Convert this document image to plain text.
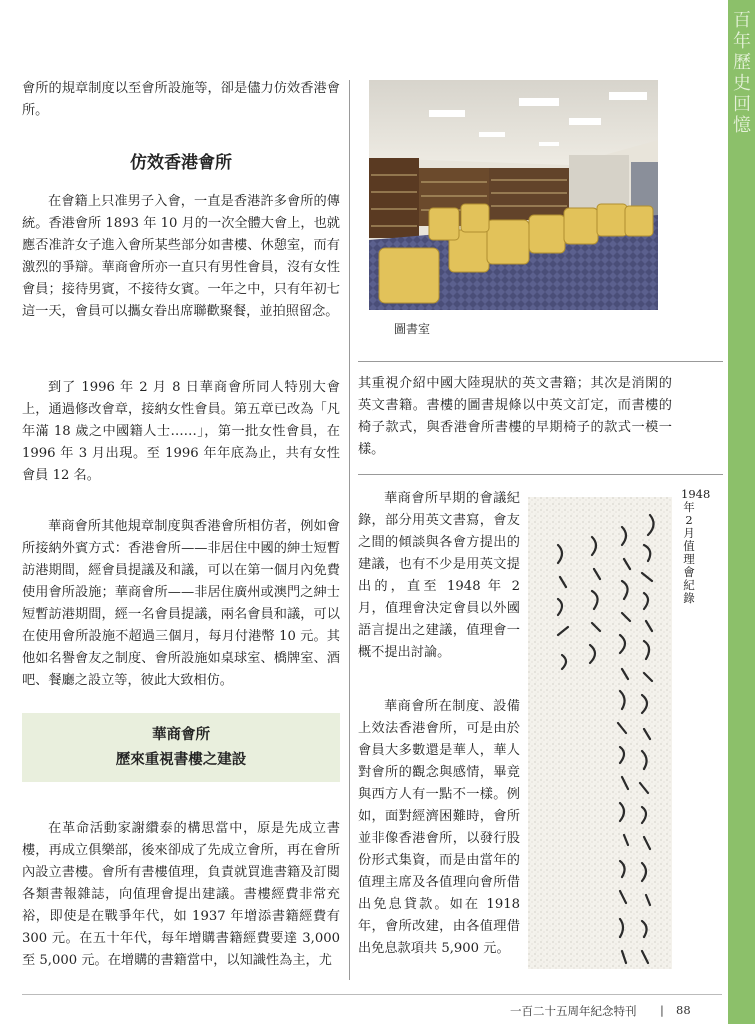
百年歷史回憶

會所的規章制度以至會所設施等，卻是儘力仿效香港會所。

仿效香港會所

在會籍上只准男子入會，一直是香港許多會所的傳統。香港會所 1893 年 10 月的一次全體大會上，也就應否准許女子進入會所某些部分如書樓、休憩室，而有激烈的爭辯。華商會所亦一直只有男性會員，沒有女性會員；接待男賓，不接待女賓。一年之中，只有年初七這一天，會員可以攜女眷出席聯歡聚餐，並拍照留念。

到了 1996 年 2 月 8 日華商會所同人特別大會上，通過修改會章，接納女性會員。第五章已改為「凡年滿 18 歲之中國籍人士……」，第一批女性會員，在 1996 年 3 月出現。至 1996 年年底為止，共有女性會員 12 名。

華商會所其他規章制度與香港會所相仿者，例如會所接納外賓方式：香港會所——非居住中國的紳士短暫訪港期間，經會員提議及和議，可以在第一個月內免費使用會所設施；華商會所——非居住廣州或澳門之紳士短暫訪港期間，經一名會員提議，兩名會員和議，可以在使用會所設施不超過三個月，每月付港幣 10 元。其他如名譽會友之制度、會所設施如桌球室、橋牌室、酒吧、餐廳之設立等，彼此大致相仿。

華商會所
歷來重視書樓之建設

在革命活動家謝纘泰的構思當中，原是先成立書樓，再成立俱樂部，後來卻成了先成立會所，再在會所內設立書樓。會所有書樓值理，負責就買進書籍及訂閱各類書報雜誌，向值理會提出建議。書樓經費非常充裕，即使是在戰爭年代，如 1937 年增添書籍經費有 300 元。在五十年代，每年增購書籍經費要達 3,000 至 5,000 元。在增購的書籍當中，以知識性為主，尤

圖書室

其重視介紹中國大陸現狀的英文書籍；其次是消閑的英文書籍。書樓的圖書規條以中英文訂定，而書樓的椅子款式，與香港會所書樓的早期椅子的款式一模一樣。

華商會所早期的會議紀錄，部分用英文書寫，會友之間的傾談與各會方提出的建議，也有不少是用英文提出的，直至 1948 年 2 月，值理會決定會員以外國語言提出之建議，值理會一概不提出討論。

華商會所在制度、設備上效法香港會所，可是由於會員大多數還是華人，華人對會所的觀念與感情，畢竟與西方人有一點不一樣。例如，面對經濟困難時，會所並非像香港會所，以發行股份形式集資，而是由當年的值理主席及各值理向會所借出免息貸款。如在 1918 年，會所改建，由各值理借出免息款項共 5,900 元。

1948 年 2 月值理會紀錄
一百二十五周年紀念特刊 | 88
